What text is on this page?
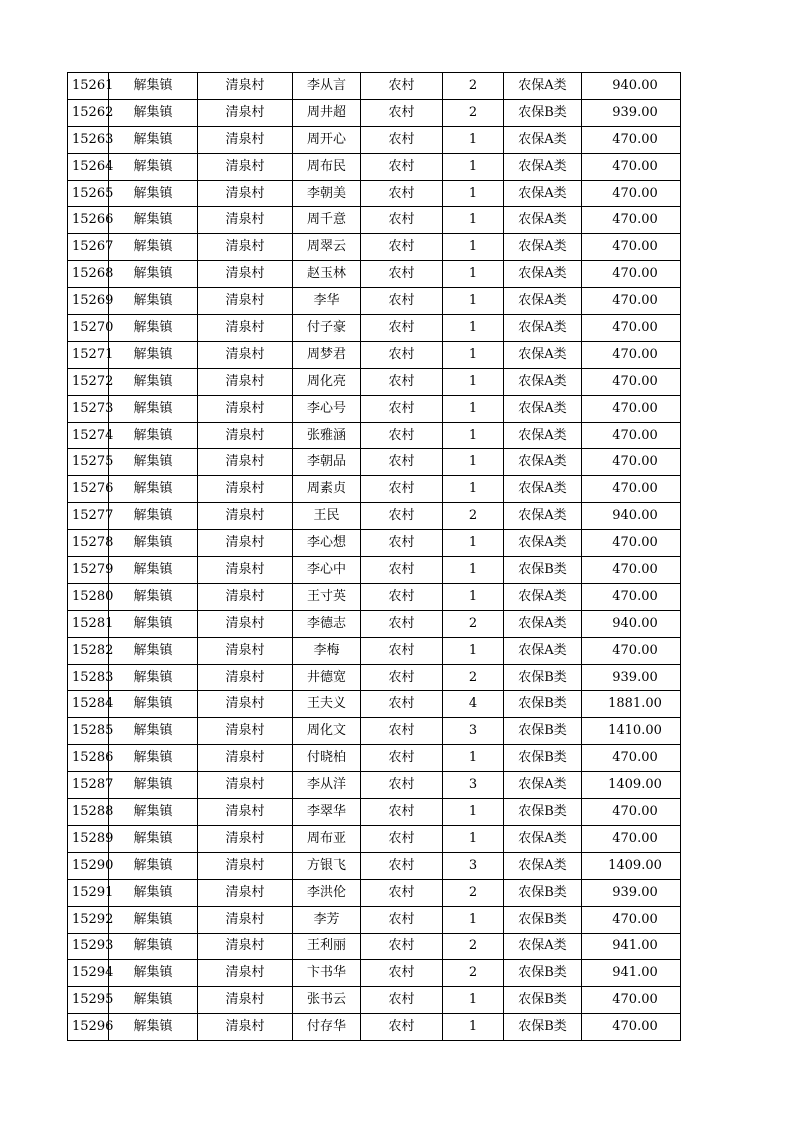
15261	解集镇	清泉村	李从言	农村	2	农保A类	940.00
15262	解集镇	清泉村	周井超	农村	2	农保B类	939.00
15263	解集镇	清泉村	周开心	农村	1	农保A类	470.00
15264	解集镇	清泉村	周布民	农村	1	农保A类	470.00
15265	解集镇	清泉村	李朝美	农村	1	农保A类	470.00
15266	解集镇	清泉村	周千意	农村	1	农保A类	470.00
15267	解集镇	清泉村	周翠云	农村	1	农保A类	470.00
15268	解集镇	清泉村	赵玉林	农村	1	农保A类	470.00
15269	解集镇	清泉村	李华	农村	1	农保A类	470.00
15270	解集镇	清泉村	付子豪	农村	1	农保A类	470.00
15271	解集镇	清泉村	周梦君	农村	1	农保A类	470.00
15272	解集镇	清泉村	周化亮	农村	1	农保A类	470.00
15273	解集镇	清泉村	李心号	农村	1	农保A类	470.00
15274	解集镇	清泉村	张雅涵	农村	1	农保A类	470.00
15275	解集镇	清泉村	李朝品	农村	1	农保A类	470.00
15276	解集镇	清泉村	周素贞	农村	1	农保A类	470.00
15277	解集镇	清泉村	王民	农村	2	农保A类	940.00
15278	解集镇	清泉村	李心想	农村	1	农保A类	470.00
15279	解集镇	清泉村	李心中	农村	1	农保B类	470.00
15280	解集镇	清泉村	王寸英	农村	1	农保A类	470.00
15281	解集镇	清泉村	李德志	农村	2	农保A类	940.00
15282	解集镇	清泉村	李梅	农村	1	农保A类	470.00
15283	解集镇	清泉村	井德宽	农村	2	农保B类	939.00
15284	解集镇	清泉村	王夫义	农村	4	农保B类	1881.00
15285	解集镇	清泉村	周化文	农村	3	农保B类	1410.00
15286	解集镇	清泉村	付晓柏	农村	1	农保B类	470.00
15287	解集镇	清泉村	李从洋	农村	3	农保A类	1409.00
15288	解集镇	清泉村	李翠华	农村	1	农保B类	470.00
15289	解集镇	清泉村	周布亚	农村	1	农保A类	470.00
15290	解集镇	清泉村	方银飞	农村	3	农保A类	1409.00
15291	解集镇	清泉村	李洪伦	农村	2	农保B类	939.00
15292	解集镇	清泉村	李芳	农村	1	农保B类	470.00
15293	解集镇	清泉村	王利丽	农村	2	农保A类	941.00
15294	解集镇	清泉村	卞书华	农村	2	农保B类	941.00
15295	解集镇	清泉村	张书云	农村	1	农保B类	470.00
15296	解集镇	清泉村	付存华	农村	1	农保B类	470.00
